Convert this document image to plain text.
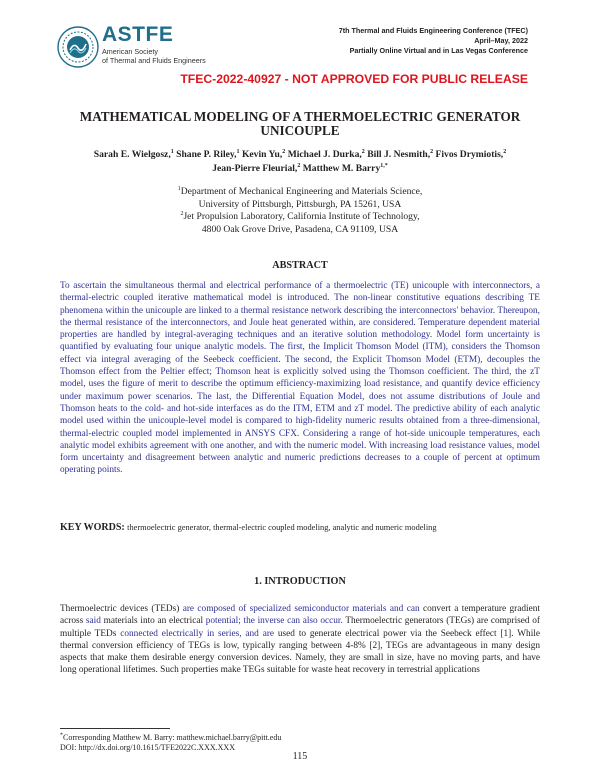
ASTFE
American Society
of Thermal and Fluids Engineers
7th Thermal and Fluids Engineering Conference (TFEC)
April–May, 2022
Partially Online Virtual and in Las Vegas Conference
TFEC-2022-40927 - NOT APPROVED FOR PUBLIC RELEASE
MATHEMATICAL MODELING OF A THERMOELECTRIC GENERATOR
UNICOUPLE
Sarah E. Wielgosz,$^1$ Shane P. Riley,$^1$ Kevin Yu,$^2$ Michael J. Durka,$^2$ Bill J. Nesmith,$^2$ Fivos Drymiotis,$^2$
Jean-Pierre Fleurial,$^2$ Matthew M. Barry$^{1,*}$
$^1$Department of Mechanical Engineering and Materials Science,
University of Pittsburgh, Pittsburgh, PA 15261, USA
$^2$Jet Propulsion Laboratory, California Institute of Technology,
4800 Oak Grove Drive, Pasadena, CA 91109, USA
ABSTRACT
To ascertain the simultaneous thermal and electrical performance of a thermoelectric (TE) unicouple with interconnectors, a thermal-electric coupled iterative mathematical model is introduced. The non-linear constitutive equations describing TE phenomena within the unicouple are linked to a thermal resistance network describing the interconnectors' behavior. Thereupon, the thermal resistance of the interconnectors, and Joule heat generated within, are considered. Temperature dependent material properties are handled by integral-averaging techniques and an iterative solution methodology. Model form uncertainty is quantified by evaluating four unique analytic models. The first, the Implicit Thomson Model (ITM), considers the Thomson effect via integral averaging of the Seebeck coefficient. The second, the Explicit Thomson Model (ETM), decouples the Thomson effect from the Peltier effect; Thomson heat is explicitly solved using the Thomson coefficient. The third, the zT model, uses the figure of merit to describe the optimum efficiency-maximizing load resistance, and quantify device efficiency under maximum power scenarios. The last, the Differential Equation Model, does not assume distributions of Joule and Thomson heats to the cold- and hot-side interfaces as do the ITM, ETM and zT model. The predictive ability of each analytic model used within the unicouple-level model is compared to high-fidelity numeric results obtained from a three-dimensional, thermal-electric coupled model implemented in ANSYS CFX. Considering a range of hot-side unicouple temperatures, each analytic model exhibits agreement with one another, and with the numeric model. With increasing load resistance values, model form uncertainty and disagreement between analytic and numeric predictions decreases to a couple of percent at optimum operating points.
KEY WORDS: thermoelectric generator, thermal-electric coupled modeling, analytic and numeric modeling
1. INTRODUCTION
Thermoelectric devices (TEDs) are composed of specialized semiconductor materials and can convert a temperature gradient across said materials into an electrical potential; the inverse can also occur. Thermoelectric generators (TEGs) are comprised of multiple TEDs connected electrically in series, and are used to generate electrical power via the Seebeck effect [1]. While thermal conversion efficiency of TEGs is low, typically ranging between 4-8% [2], TEGs are advantageous in many design aspects that make them desirable energy conversion devices. Namely, they are small in size, have no moving parts, and have long operational lifetimes. Such properties make TEGs suitable for waste heat recovery in terrestrial applications
*Corresponding Matthew M. Barry: matthew.michael.barry@pitt.edu
DOI: http://dx.doi.org/10.1615/TFE2022C.XXX.XXX
115
